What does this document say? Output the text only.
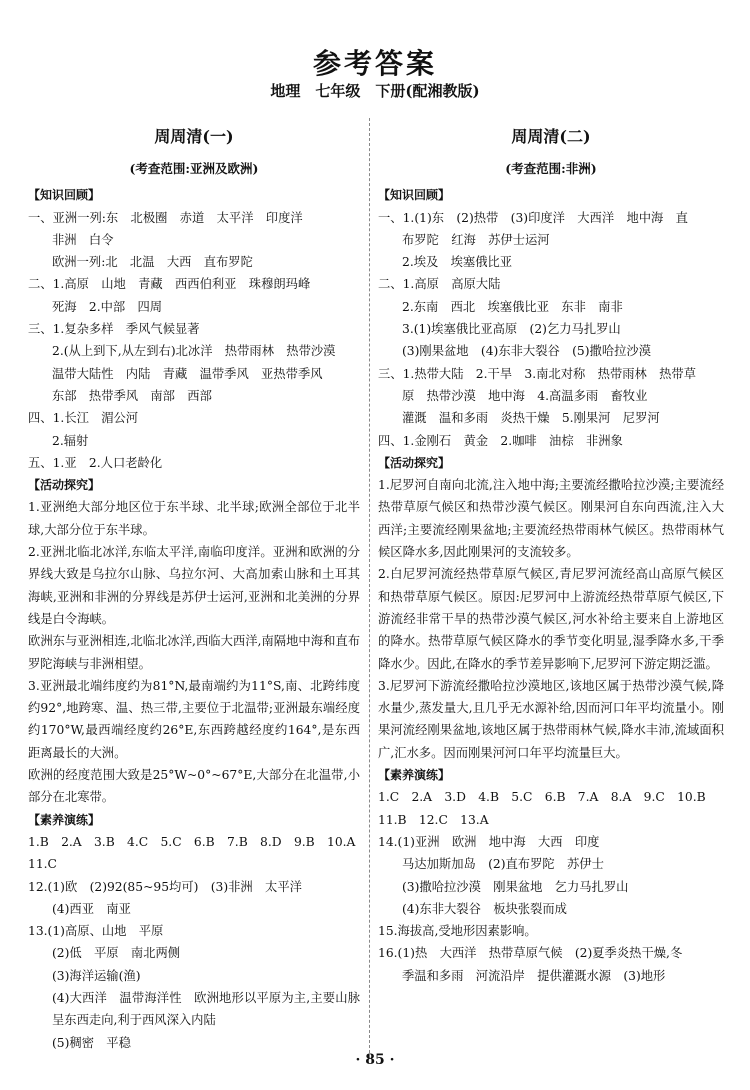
参考答案
地理　七年级　下册(配湘教版)
周周清(一)
(考查范围:亚洲及欧洲)
【知识回顾】
一、亚洲一列:东　北极圈　赤道　太平洋　印度洋
非洲　白令
欧洲一列:北　北温　大西　直布罗陀
二、1.高原　山地　青藏　西西伯利亚　珠穆朗玛峰
死海　2.中部　四周
三、1.复杂多样　季风气候显著
2.(从上到下,从左到右)北冰洋　热带雨林　热带沙漠
温带大陆性　内陆　青藏　温带季风　亚热带季风
东部　热带季风　南部　西部
四、1.长江　湄公河
2.辐射
五、1.亚　2.人口老龄化
【活动探究】
1.亚洲绝大部分地区位于东半球、北半球;欧洲全部位于北半球,大部分位于东半球。
2.亚洲北临北冰洋,东临太平洋,南临印度洋。亚洲和欧洲的分界线大致是乌拉尔山脉、乌拉尔河、大高加索山脉和土耳其海峡,亚洲和非洲的分界线是苏伊士运河,亚洲和北美洲的分界线是白令海峡。
欧洲东与亚洲相连,北临北冰洋,西临大西洋,南隔地中海和直布罗陀海峡与非洲相望。
3.亚洲最北端纬度约为81°N,最南端约为11°S,南、北跨纬度约92°,地跨寒、温、热三带,主要位于北温带;亚洲最东端经度约170°W,最西端经度约26°E,东西跨越经度约164°,是东西距离最长的大洲。
欧洲的经度范围大致是25°W~0°~67°E,大部分在北温带,小部分在北寒带。
【素养演练】
1.B　2.A　3.B　4.C　5.C　6.B　7.B　8.D　9.B　10.A
11.C
12.(1)欧　(2)92(85~95均可)　(3)非洲　太平洋
(4)西亚　南亚
13.(1)高原、山地　平原
(2)低　平原　南北两侧
(3)海洋运输(渔)
(4)大西洋　温带海洋性　欧洲地形以平原为主,主要山脉呈东西走向,利于西风深入内陆
(5)稠密　平稳
周周清(二)
(考查范围:非洲)
【知识回顾】
一、1.(1)东　(2)热带　(3)印度洋　大西洋　地中海　直
布罗陀　红海　苏伊士运河
2.埃及　埃塞俄比亚
二、1.高原　高原大陆
2.东南　西北　埃塞俄比亚　东非　南非
3.(1)埃塞俄比亚高原　(2)乞力马扎罗山
(3)刚果盆地　(4)东非大裂谷　(5)撒哈拉沙漠
三、1.热带大陆　2.干旱　3.南北对称　热带雨林　热带草
原　热带沙漠　地中海　4.高温多雨　畜牧业
灌溉　温和多雨　炎热干燥　5.刚果河　尼罗河
四、1.金刚石　黄金　2.咖啡　油棕　非洲象
【活动探究】
1.尼罗河自南向北流,注入地中海;主要流经撒哈拉沙漠;主要流经热带草原气候区和热带沙漠气候区。刚果河自东向西流,注入大西洋;主要流经刚果盆地;主要流经热带雨林气候区。热带雨林气候区降水多,因此刚果河的支流较多。
2.白尼罗河流经热带草原气候区,青尼罗河流经高山高原气候区和热带草原气候区。原因:尼罗河中上游流经热带草原气候区,下游流经非常干旱的热带沙漠气候区,河水补给主要来自上游地区的降水。热带草原气候区降水的季节变化明显,湿季降水多,干季降水少。因此,在降水的季节差异影响下,尼罗河下游定期泛滥。
3.尼罗河下游流经撒哈拉沙漠地区,该地区属于热带沙漠气候,降水量少,蒸发量大,且几乎无水源补给,因而河口年平均流量小。刚果河流经刚果盆地,该地区属于热带雨林气候,降水丰沛,流域面积广,汇水多。因而刚果河河口年平均流量巨大。
【素养演练】
1.C　2.A　3.D　4.B　5.C　6.B　7.A　8.A　9.C　10.B
11.B　12.C　13.A
14.(1)亚洲　欧洲　地中海　大西　印度
马达加斯加岛　(2)直布罗陀　苏伊士
(3)撒哈拉沙漠　刚果盆地　乞力马扎罗山
(4)东非大裂谷　板块张裂而成
15.海拔高,受地形因素影响。
16.(1)热　大西洋　热带草原气候　(2)夏季炎热干燥,冬
季温和多雨　河流沿岸　提供灌溉水源　(3)地形
· 85 ·
